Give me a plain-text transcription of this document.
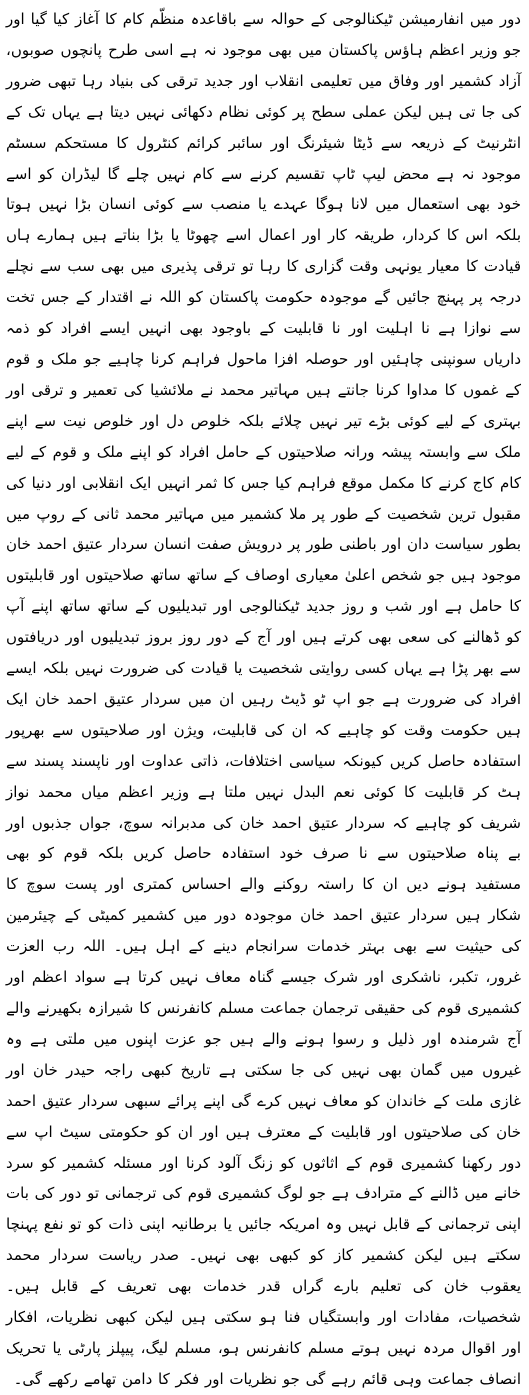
دور میں انفارمیشن ٹیکنالوجی کے حوالہ سے باقاعدہ منظّم کام کا آغاز کیا گیا اور جو وزیر اعظم ہاؤس پاکستان میں بھی موجود نہ ہے اسی طرح پانچوں صوبوں، آزاد کشمیر اور وفاق میں تعلیمی انقلاب اور جدید ترقی کی بنیاد رہا تبھی ضرور کی جا تی ہیں لیکن عملی سطح پر کوئی نظام دکھائی نہیں دیتا ہے یہاں تک کے انٹرنیٹ کے ذریعہ سے ڈیٹا شیئرنگ اور سائبر کرائم کنٹرول کا مستحکم سسٹم موجود نہ ہے محض لیپ ٹاپ تقسیم کرنے سے کام نہیں چلے گا لیڈران کو اسے خود بھی استعمال میں لانا ہوگا عہدے یا منصب سے کوئی انسان بڑا نہیں ہوتا بلکہ اس کا کردار، طریقہ کار اور اعمال اسے چھوٹا یا بڑا بناتے ہیں ہمارے ہاں قیادت کا معیار یونہی وقت گزاری کا رہا تو ترقی پذیری میں بھی سب سے نچلے درجہ پر پہنچ جائیں گے موجودہ حکومت پاکستان کو اللہ نے اقتدار کے جس تخت سے نوازا ہے نا اہلیت اور نا قابلیت کے باوجود بھی انہیں ایسے افراد کو ذمہ داریاں سونپنی چاہئیں اور حوصلہ افزا ماحول فراہم کرنا چاہیے جو ملک و قوم کے غموں کا مداوا کرنا جانتے ہیں مہاتیر محمد نے ملائشیا کی تعمیر و ترقی اور بہتری کے لیے کوئی بڑے تیر نہیں چلائے بلکہ خلوص دل اور خلوص نیت سے اپنے ملک سے وابستہ پیشہ ورانہ صلاحیتوں کے حامل افراد کو اپنے ملک و قوم کے لیے کام کاج کرنے کا مکمل موقع فراہم کیا جس کا ثمر انہیں ایک انقلابی اور دنیا کی مقبول ترین شخصیت کے طور پر ملا کشمیر میں مہاتیر محمد ثانی کے روپ میں بطور سیاست دان اور باطنی طور پر درویش صفت انسان سردار عتیق احمد خان موجود ہیں جو شخص اعلیٰ معیاری اوصاف کے ساتھ ساتھ صلاحیتوں اور قابلیتوں کا حامل ہے اور شب و روز جدید ٹیکنالوجی اور تبدیلیوں کے ساتھ ساتھ اپنے آپ کو ڈھالنے کی سعی بھی کرتے ہیں اور آج کے دور روز بروز تبدیلیوں اور دریافتوں سے بھر پڑا ہے یہاں کسی روایتی شخصیت یا قیادت کی ضرورت نہیں بلکہ ایسے افراد کی ضرورت ہے جو اپ ٹو ڈیٹ رہیں ان میں سردار عتیق احمد خان ایک ہیں حکومت وقت کو چاہیے کہ ان کی قابلیت، ویژن اور صلاحیتوں سے بھرپور استفادہ حاصل کریں کیونکہ سیاسی اختلافات، ذاتی عداوت اور ناپسند پسند سے ہٹ کر قابلیت کا کوئی نعم البدل نہیں ملتا ہے وزیر اعظم میاں محمد نواز شریف کو چاہیے کہ سردار عتیق احمد خان کی مدبرانہ سوچ، جواں جذبوں اور بے پناہ صلاحیتوں سے نا صرف خود استفادہ حاصل کریں بلکہ قوم کو بھی مستفید ہونے دیں ان کا راستہ روکنے والے احساس کمتری اور پست سوچ کا شکار ہیں سردار عتیق احمد خان موجودہ دور میں کشمیر کمیٹی کے چیئرمین کی حیثیت سے بھی بہتر خدمات سرانجام دینے کے اہل ہیں۔ اللہ رب العزت غرور، تکبر، ناشکری اور شرک جیسے گناہ معاف نہیں کرتا ہے سواد اعظم اور کشمیری قوم کی حقیقی ترجمان جماعت مسلم کانفرنس کا شیرازہ بکھیرنے والے آج شرمندہ اور ذلیل و رسوا ہونے والے ہیں جو عزت اپنوں میں ملتی ہے وہ غیروں میں گمان بھی نہیں کی جا سکتی ہے تاریخ کبھی راجہ حیدر خان اور غازی ملت کے خاندان کو معاف نہیں کرے گی اپنے پرائے سبھی سردار عتیق احمد خان کی صلاحیتوں اور قابلیت کے معترف ہیں اور ان کو حکومتی سیٹ اپ سے دور رکھنا کشمیری قوم کے اثاثوں کو زنگ آلود کرنا اور مسئلہ کشمیر کو سرد خانے میں ڈالنے کے مترادف ہے جو لوگ کشمیری قوم کی ترجمانی تو دور کی بات اپنی ترجمانی کے قابل نہیں وہ امریکہ جائیں یا برطانیہ اپنی ذات کو تو نفع پہنچا سکتے ہیں لیکن کشمیر کاز کو کبھی بھی نہیں۔ صدر ریاست سردار محمد یعقوب خان کی تعلیم بارے گراں قدر خدمات بھی تعریف کے قابل ہیں۔ شخصیات، مفادات اور وابستگیاں فنا ہو سکتی ہیں لیکن کبھی نظریات، افکار اور اقوال مردہ نہیں ہوتے مسلم کانفرنس ہو، مسلم لیگ، پیپلز پارٹی یا تحریک انصاف جماعت وہی قائم رہے گی جو نظریات اور فکر کا دامن تھامے رکھے گی۔
